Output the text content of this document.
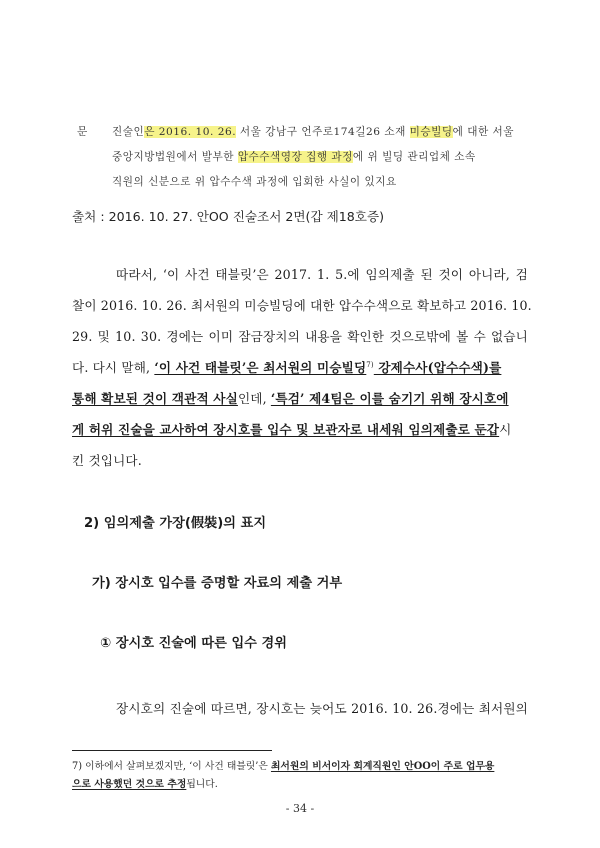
문 진술인은 2016. 10. 26. 서울 강남구 언주로174길26 소재 미승빌딩에 대한 서울
중앙지방법원에서 발부한 압수수색영장 집행 과정에 위 빌딩 관리업체 소속
직원의 신분으로 위 압수수색 과정에 입회한 사실이 있지요
출처 : 2016. 10. 27. 안OO 진술조서 2면(갑 제18호증)
따라서, ‘이 사건 태블릿’은 2017. 1. 5.에 임의제출 된 것이 아니라, 검
찰이 2016. 10. 26. 최서원의 미승빌딩에 대한 압수수색으로 확보하고 2016. 10.
29. 및 10. 30. 경에는 이미 잠금장치의 내용을 확인한 것으로밖에 볼 수 없습니
다. 다시 말해, ‘이 사건 태블릿’은 최서원의 미승빌딩$^{7)}$ 강제수사(압수수색)를
통해 확보된 것이 객관적 사실인데, ‘특검’ 제4팀은 이를 숨기기 위해 장시호에
게 허위 진술을 교사하여 장시호를 입수 및 보관자로 내세워 임의제출로 둔갑시
킨 것입니다.
2) 임의제출 가장(假裝)의 표지
가) 장시호 입수를 증명할 자료의 제출 거부
① 장시호 진술에 따른 입수 경위
장시호의 진술에 따르면, 장시호는 늦어도 2016. 10. 26.경에는 최서원의
7) 이하에서 살펴보겠지만, ‘이 사건 태블릿’은 최서원의 비서이자 회계직원인 안OO이 주로 업무용
으로 사용했던 것으로 추정됩니다.
- 34 -
